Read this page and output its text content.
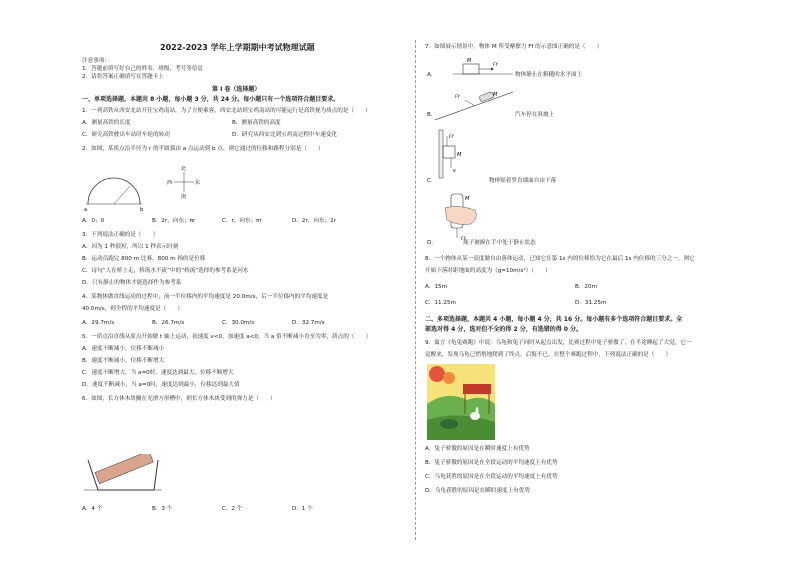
2022-2023 学年上学期期中考试物理试题
注意事项：
1．答题前填写好自己的姓名、班级、考号等信息
2．请将答案正确填写在答题卡上
第 I 卷（选择题）
一、单项选择题，本题共 8 小题，每小题 3 分，共 24 分。每小题只有一个选项符合题目要求。
1．一列高铁从西安北站开往宝鸡南站，为了方便乘客，西安北站到宝鸡南站的可能运行是高铁视为质点的是（　　）
A．测量高铁的长度	B．测量高铁的高度
C．研究高铁驶出车站时车轮的转动	D．研究从西安北到宝鸡南过程中车速变化
2．如图，某质点沿半径为 r 的半圆弧由 a 点运动到 b 点，则它通过的位移和路程分别是（　　）
a	b
北
南
西	东
A．0；0	B．2r，向东；πr	C．r，向东；πr	D．2r，向东；2r
3．下列说法正确的是（　　）
A．因为 1 秒很短，所以 1 秒表示时刻
B．运动员跑完 800 m 比赛，800 m 指的是位移
C．诗句“人在桥上走，桥流水不流”中的“桥流”选择的参考系是河水
D．只有静止的物体才能选择作为参考系
4．某物体做直线运动的过程中，前一半位移内的平均速度是 20.0m/s，后一半位移内的平均速度是
40.0m/s，则全程的平均速度是（　　）
A．29.7m/s	B．26.7m/s	C．30.0m/s	D．32.7m/s
5．一质点沿直线从原点开始做 t 轴上运动，初速度 v<0，加速度 a<0，当 a 值不断减小直至为零，质点的（　　）
A．速度不断减小，位移不断减小
B．速度不断减小，位移不断增大
C．速度不断增大，当 a=0时，速度达到最大，位移不断增大
D．速度不断减小，当 a=0时，速度达到最小，位移达到最大值
6．如图，长方体木块搁在光滑方形槽中，则长方体木块受到的弹力是（　　）
A．4 个	B．3 个	C．2 个	D．1 个
7．如图展示情景中，物体 M 所受摩擦力 Ff 的示意图正确的是（　　）
A．
M
Ff
物体静止在粗糙的水平面上
B．
Ff	M
汽车停在斜坡上
C．
Ff
M
v
物体贴着竖直墙面自由下落
D．
M
Ff
瓶子被握在手中处于静止状态
8．一个物体从某一高度做自由落体运动，已知它在第 1s 内的位移恰为它在最后 1s 内位移的三分之一，则它
开始下落时距地面的高度为（g=10m/s²）（　　）
A．15m	B．20m
C．11.25m	D．31.25m
二、多项选择题，本题共 4 小题，每小题 4 分，共 16 分。每小题有多个选项符合题目要求。全
部选对得 4 分，选对但不全的得 2 分，有选错的得 0 分。
9．寓言《龟兔赛跑》中说：乌龟和兔子同时从起点出发，比赛过程中兔子骄傲了，在半途睡起了大觉，它一
觉醒来，发现乌龟已悄悄地爬到了终点，后悔不已。在整个赛跑过程中，下列说法正确的是（　　）
A．兔子骄傲的原因是在瞬时速度上有优势
B．兔子骄傲的原因是在全段运动的平均速度上有优势
C．乌龟获胜的原因是在全段运动的平均速度上有优势
D．乌龟获胜的原因是在瞬时速度上有优势
